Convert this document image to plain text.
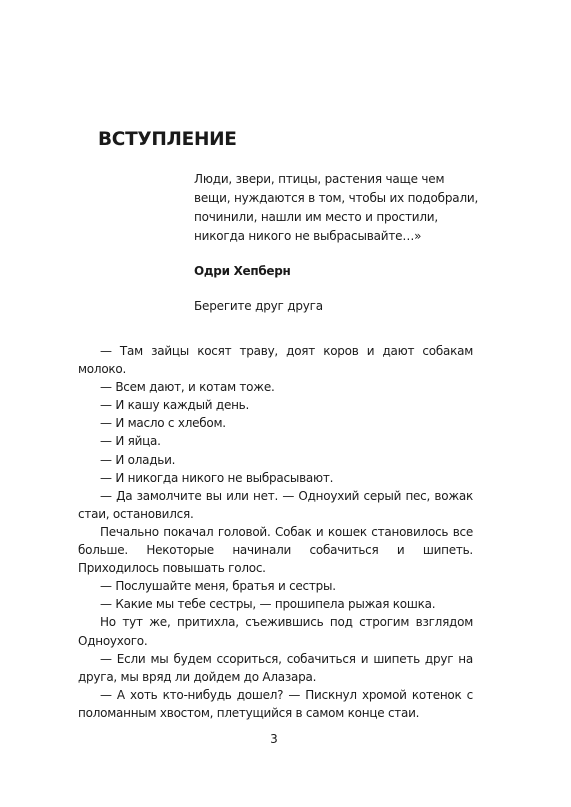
ВСТУПЛЕНИЕ
Люди, звери, птицы, растения чаще чем
вещи, нуждаются в том, чтобы их подобрали,
починили, нашли им место и простили,
никогда никого не выбрасывайте…»
Одри Хепберн
Берегите друг друга

— Там зайцы косят траву, доят коров и дают собакам молоко.

— Всем дают, и котам тоже.

— И кашу каждый день.

— И масло с хлебом.

— И яйца.

— И оладьи.

— И никогда никого не выбрасывают.

— Да замолчите вы или нет. — Одноухий серый пес, вожак стаи, остановился.

Печально покачал головой. Собак и кошек становилось все больше. Некоторые начинали собачиться и шипеть. Приходилось повышать голос.

— Послушайте меня, братья и сестры.

— Какие мы тебе сестры, — прошипела рыжая кошка.

Но тут же, притихла, съежившись под строгим взглядом Одноухого.

— Если мы будем ссориться, собачиться и шипеть друг на друга, мы вряд ли дойдем до Алазара.

— А хоть кто-нибудь дошел? — Пискнул хромой котенок с поломанным хвостом, плетущийся в самом конце стаи.

3
